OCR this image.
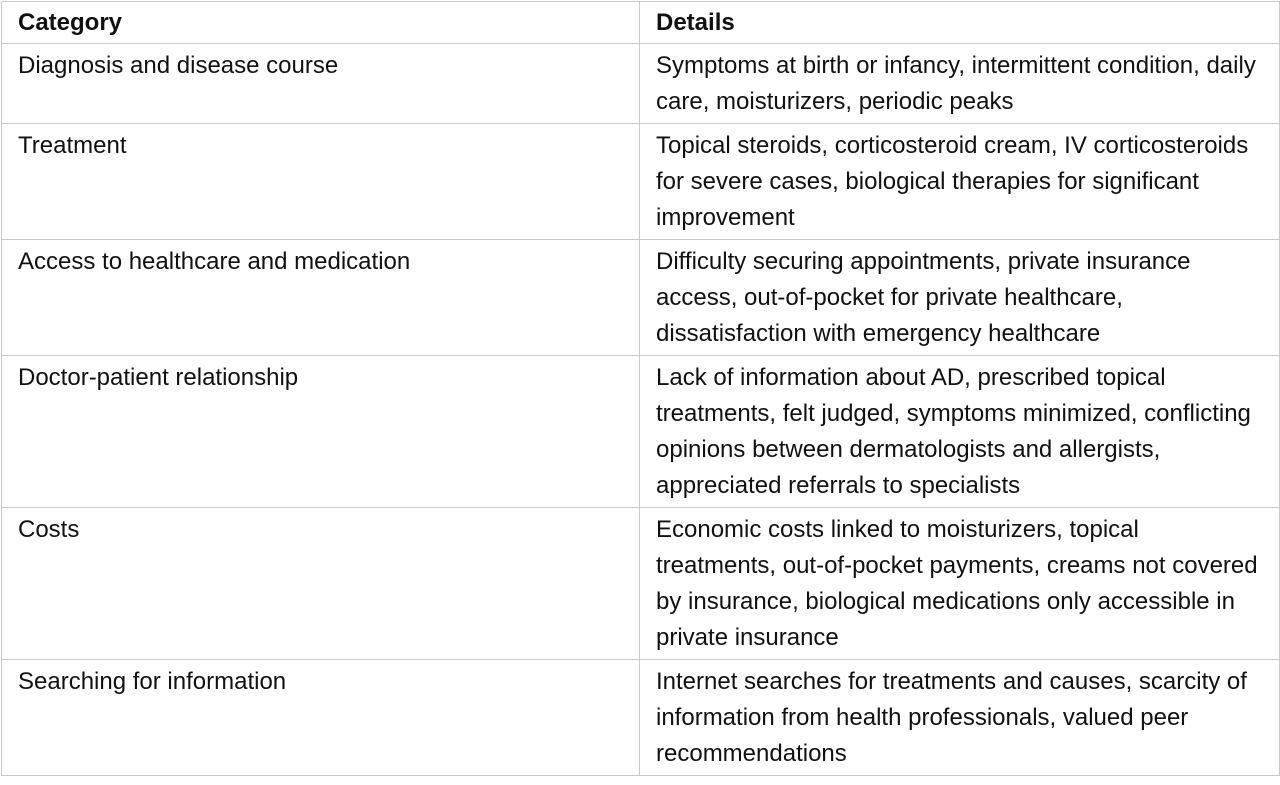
Category	Details
Diagnosis and disease course	Symptoms at birth or infancy, intermittent condition, daily care, moisturizers, periodic peaks
Treatment	Topical steroids, corticosteroid cream, IV corticosteroids for severe cases, biological therapies for significant improvement
Access to healthcare and medication	Difficulty securing appointments, private insurance access, out-of-pocket for private healthcare, dissatisfaction with emergency healthcare
Doctor-patient relationship	Lack of information about AD, prescribed topical treatments, felt judged, symptoms minimized, conflicting opinions between dermatologists and allergists, appreciated referrals to specialists
Costs	Economic costs linked to moisturizers, topical treatments, out-of-pocket payments, creams not covered by insurance, biological medications only accessible in private insurance
Searching for information	Internet searches for treatments and causes, scarcity of information from health professionals, valued peer recommendations
